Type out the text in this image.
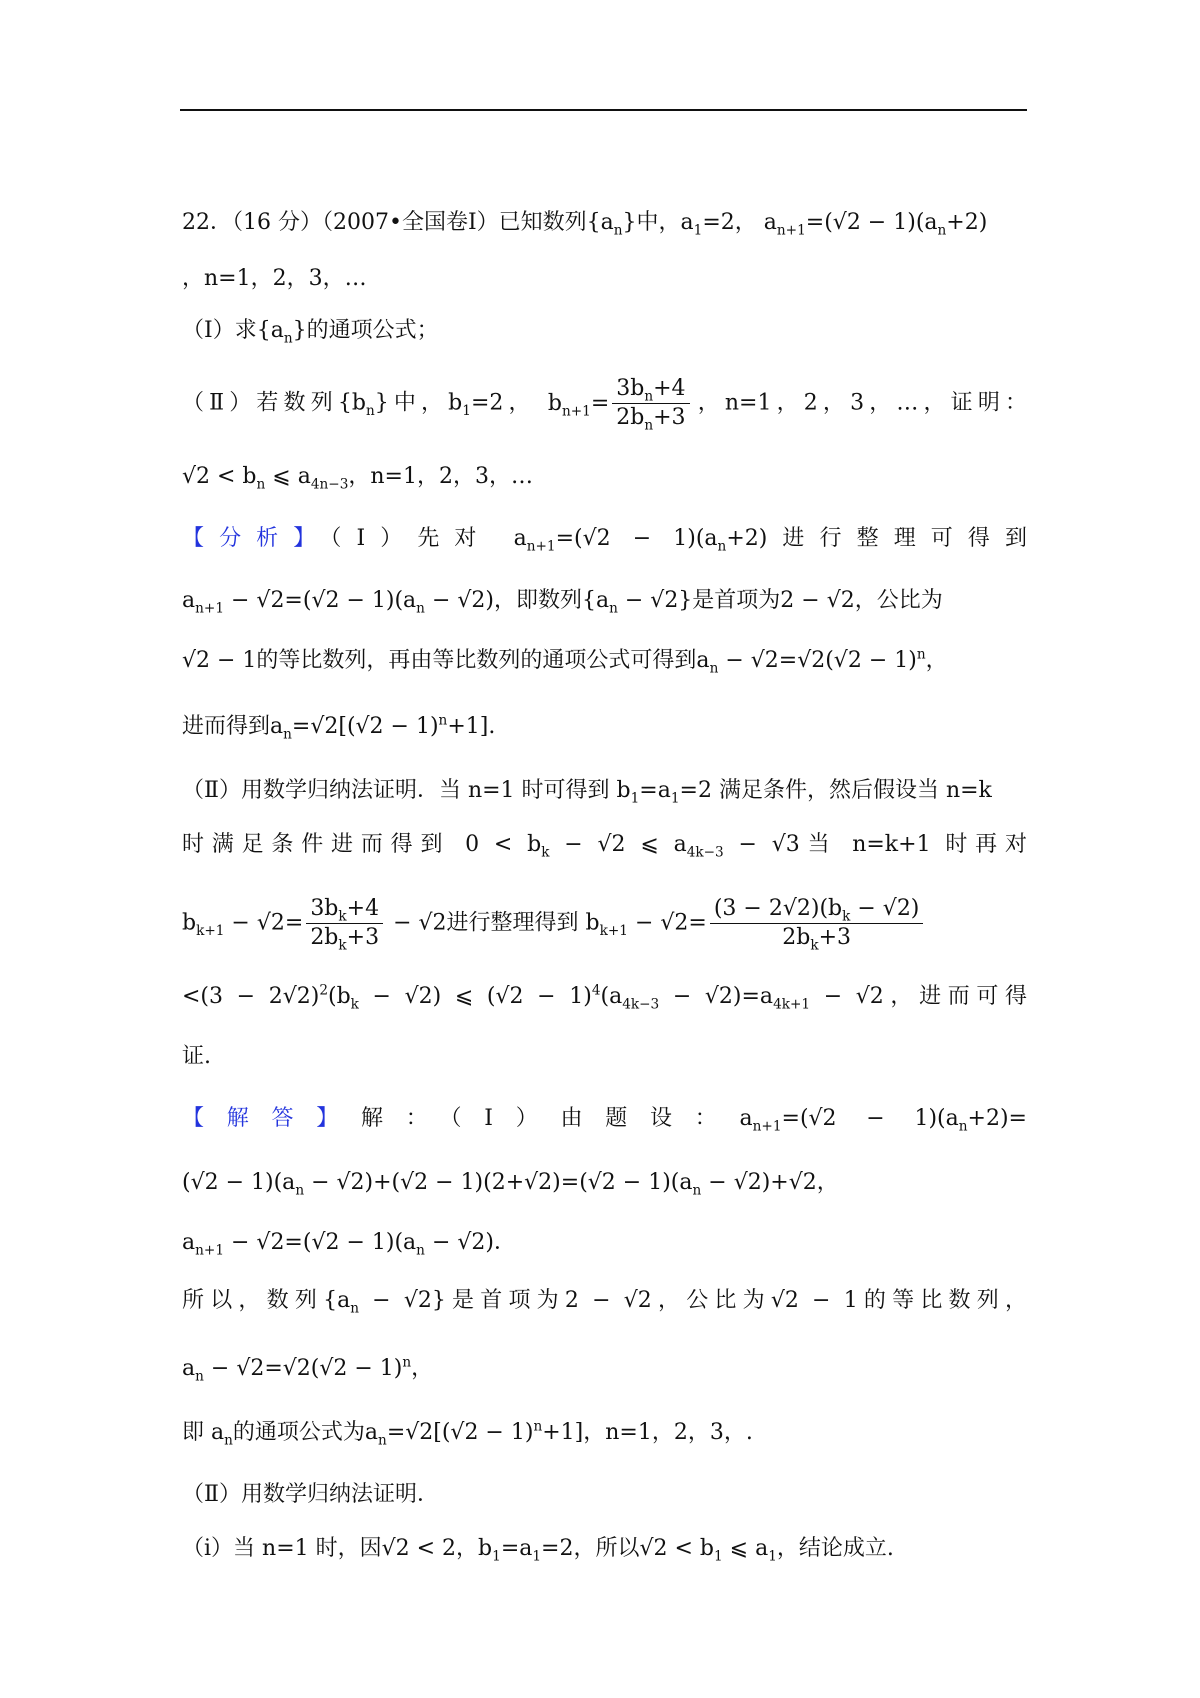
22．（16 分）（2007•全国卷Ⅰ）已知数列$\{a_n\}$中，$a_1=2$， $a_{n+1}=(√2 - 1)(a_n+2)$
，n=1，2，3，…
（Ⅰ）求$\{a_n\}$的通项公式；
（Ⅱ）若数列$\{b_n\}$中，$b_1=2$， $b_{n+1}= \frac{3b_n+4}{2b_n+3}$ ，n=1，2，3，…，证明：
$√2 < b_n$ ⩽ $a_{4n-3}$，n=1，2，3，…
【分析】（Ⅰ）先对 $a_{n+1}=(√2 - 1)(a_n+2)$进行整理可得到
$a_{n+1} - √2=(√2 - 1)(a_n - √2)$，即数列$\{a_n - √2\}$是首项为2 − √2，公比为
√2 − 1的等比数列，再由等比数列的通项公式可得到$a_n - √2=√2(√2 - 1)^n$，
进而得到$a_n=√2[(√2 - 1)^n+1]$.
（Ⅱ）用数学归纳法证明．当 n=1 时可得到 $b_1=a_1=2$ 满足条件，然后假设当 n=k
时满足条件进而得到 $0 < b_k - √2$ ⩽ $a_{4k-3} - √3$当 n=k+1 时再对
$b_{k+1} - √2= \frac{3b_k+4}{2b_k+3} - √2$进行整理得到 $b_{k+1} - √2= \frac{(3 - 2√2)(b_k - √2)}{2b_k+3}$
$<(3 - 2√2)^2(b_k - √2)$ ⩽ $(√2 - 1)^4(a_{4k-3} - √2)=a_{4k+1} - √2$，进而可得
证.
【解答】解：（Ⅰ）由题设：$a_{n+1}=(√2 - 1)(a_n+2)=$
$(√2 - 1)(a_n - √2)+(√2 - 1)(2+√2)=(√2 - 1)(a_n - √2)+√2$，
$a_{n+1} - √2=(√2 - 1)(a_n - √2)$．
所以，数列$\{a_n - √2\}$是首项为2 − √2，公比为√2 − 1的等比数列，
$a_n - √2=√2(√2 - 1)^n$，
即 $a_n$的通项公式为$a_n=√2[(√2 - 1)^n+1]$，n=1，2，3，.
（Ⅱ）用数学归纳法证明．
（ⅰ）当 n=1 时，因√2 < 2，$b_1=a_1=2$，所以$√2 < b_1$ ⩽ $a_1$，结论成立.
